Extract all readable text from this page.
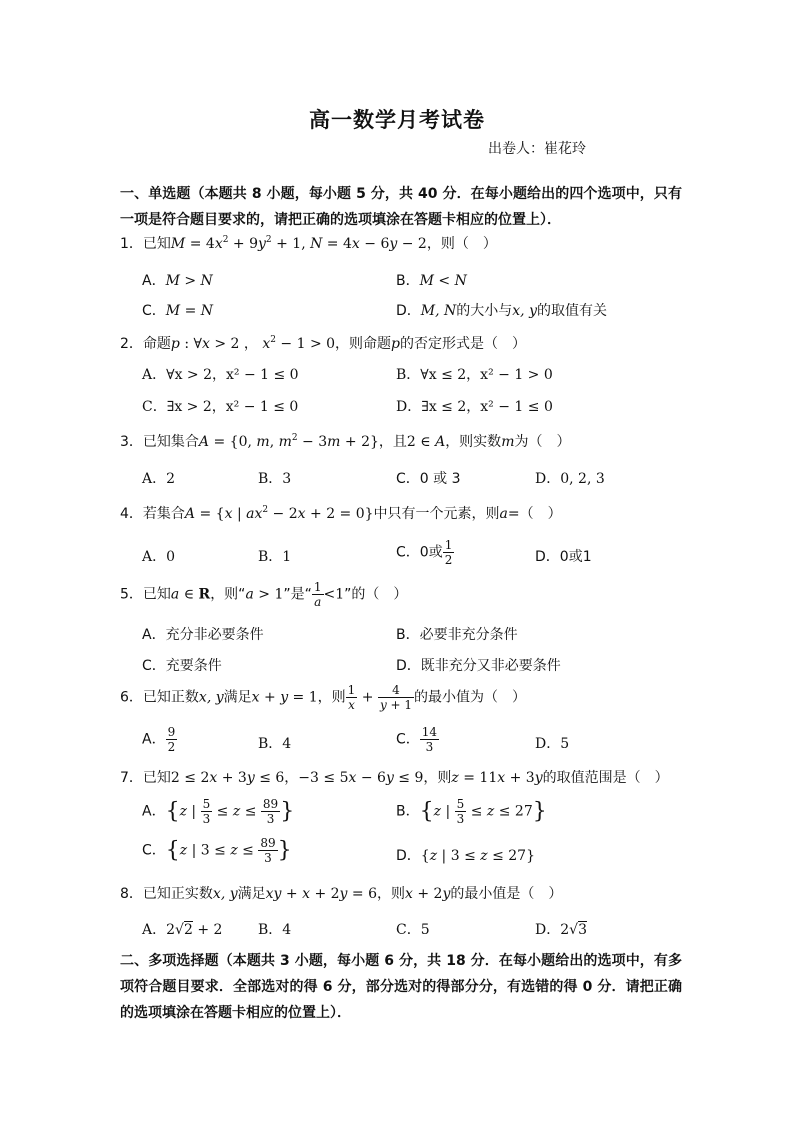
高一数学月考试卷
出卷人：崔花玲
一、单选题（本题共 8 小题，每小题 5 分，共 40 分．在每小题给出的四个选项中，只有一项是符合题目要求的，请把正确的选项填涂在答题卡相应的位置上）．
1．已知$M = 4x^2 + 9y^2 + 1$, N = 4x − 6y − 2，则（　）
A．M > N	B．M < N
C．M = N	D．M, N的大小与x, y的取值有关
2．命题p : ∀x > 2 ， $x^2 - 1 > 0$，则命题p的否定形式是（　）
A．∀x > 2，x² − 1 ≤ 0	B．∀x ≤ 2，x² − 1 > 0
C．∃x > 2，x² − 1 ≤ 0	D．∃x ≤ 2，x² − 1 ≤ 0
3．已知集合A = {0, m, $m^2 - 3m + 2$}，且2 ∈ A，则实数m为（　）
A．2	B．3	C．0 或 3	D．0, 2, 3
4．若集合A = {x | $ax^2 - 2x + 2 = 0$}中只有一个元素，则a=（　）
A．0	B．1	C．0或 $\frac{1}{2}$	D．0或1
5．已知a ∈ R，则“a > 1”是“ $\frac{1}{a} <1$”的（　）
A．充分非必要条件	B．必要非充分条件
C．充要条件	D．既非充分又非必要条件
6．已知正数x, y满足x + y = 1，则 $\frac{1}{x} + \frac{4}{y + 1}$ 的最小值为（　）
A． $\frac{9}{2}$	B．4	C． $\frac{14}{3}$	D．5
7．已知2 ≤ 2x + 3y ≤ 6，−3 ≤ 5x − 6y ≤ 9，则z = 11x + 3y的取值范围是（　）
A．{z | $\frac{5}{3} \le z \le \frac{89}{3}$ }	B．{z | $\frac{5}{3} \le z \le 27$}
C．{z | $3 \le z \le \frac{89}{3}$ }	D．{z | 3 ≤ z ≤ 27}
8．已知正实数x, y满足xy + x + 2y = 6，则x + 2y的最小值是（　）
A．2√2 + 2	B．4	C．5	D．2√3
二、多项选择题（本题共 3 小题，每小题 6 分，共 18 分．在每小题给出的选项中，有多项符合题目要求．全部选对的得 6 分，部分选对的得部分分，有选错的得 0 分．请把正确的选项填涂在答题卡相应的位置上）．
